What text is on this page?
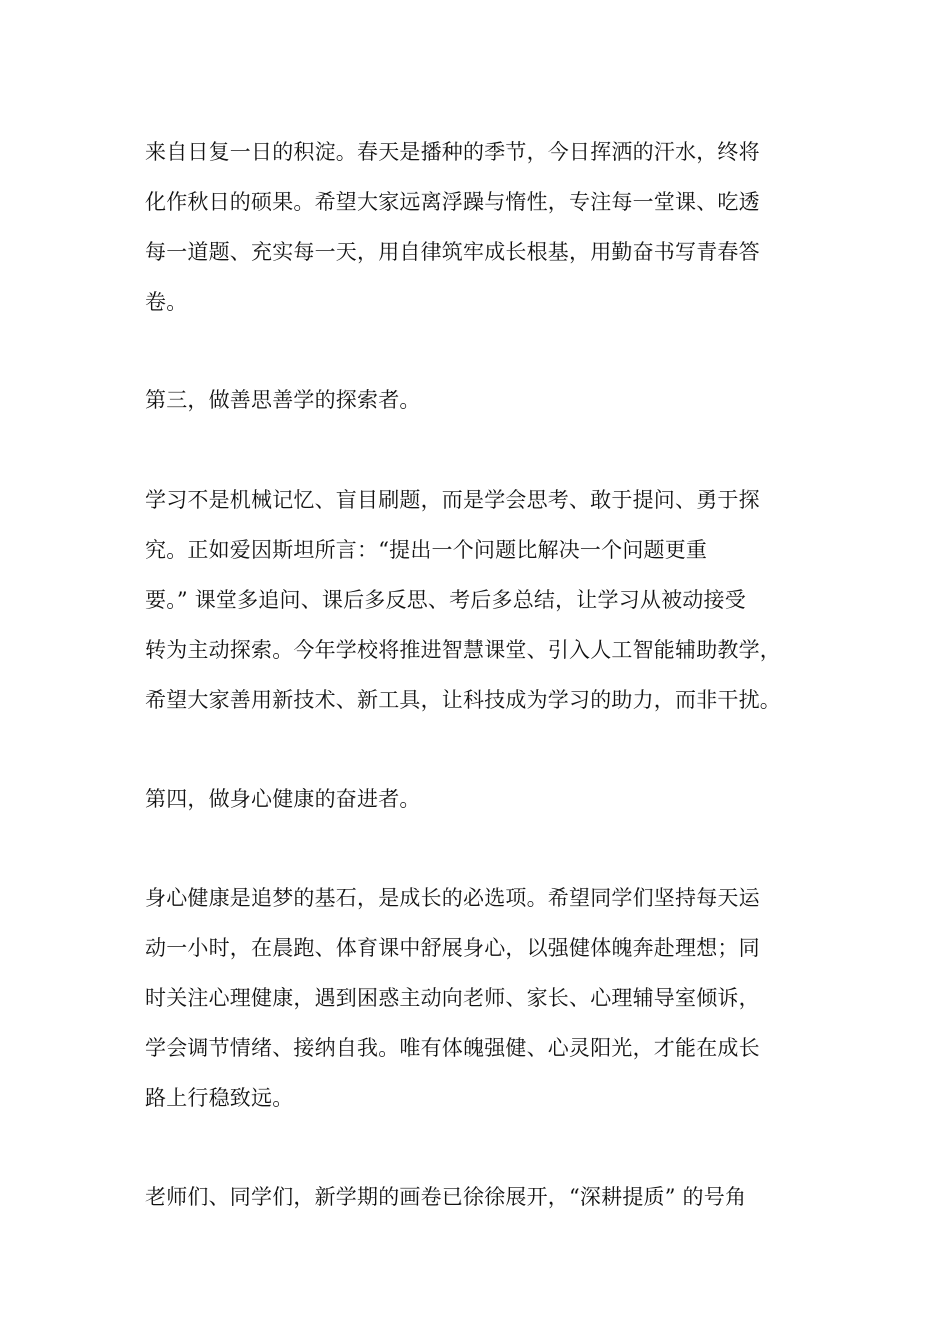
来自日复一日的积淀。春天是播种的季节，今日挥洒的汗水，终将
化作秋日的硕果。希望大家远离浮躁与惰性，专注每一堂课、吃透
每一道题、充实每一天，用自律筑牢成长根基，用勤奋书写青春答
卷。
第三，做善思善学的探索者。
学习不是机械记忆、盲目刷题，而是学会思考、敢于提问、勇于探
究。正如爱因斯坦所言：“提出一个问题比解决一个问题更重
要。” 课堂多追问、课后多反思、考后多总结，让学习从被动接受
转为主动探索。今年学校将推进智慧课堂、引入人工智能辅助教学，
希望大家善用新技术、新工具，让科技成为学习的助力，而非干扰。
第四，做身心健康的奋进者。
身心健康是追梦的基石，是成长的必选项。希望同学们坚持每天运
动一小时，在晨跑、体育课中舒展身心，以强健体魄奔赴理想；同
时关注心理健康，遇到困惑主动向老师、家长、心理辅导室倾诉，
学会调节情绪、接纳自我。唯有体魄强健、心灵阳光，才能在成长
路上行稳致远。
老师们、同学们，新学期的画卷已徐徐展开，“深耕提质” 的号角
